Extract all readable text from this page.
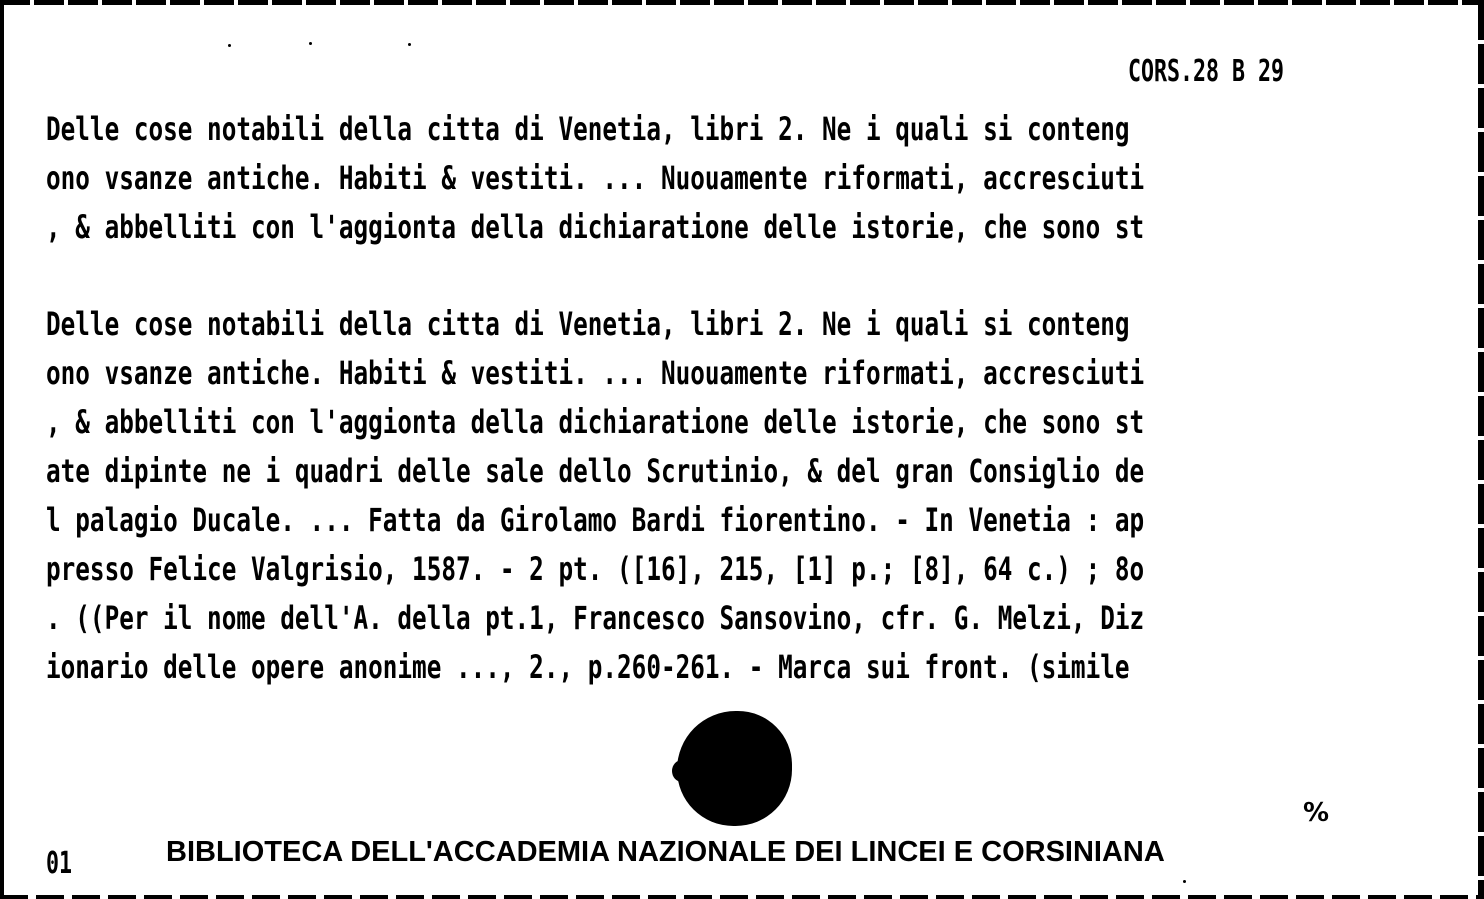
CORS.28 B 29
Delle cose notabili della citta di Venetia, libri 2. Ne i quali si conteng
ono vsanze antiche. Habiti & vestiti. ... Nuouamente riformati, accresciuti
, & abbelliti con l'aggionta della dichiaratione delle istorie, che sono st
Delle cose notabili della citta di Venetia, libri 2. Ne i quali si conteng
ono vsanze antiche. Habiti & vestiti. ... Nuouamente riformati, accresciuti
, & abbelliti con l'aggionta della dichiaratione delle istorie, che sono st
ate dipinte ne i quadri delle sale dello Scrutinio, & del gran Consiglio de
l palagio Ducale. ... Fatta da Girolamo Bardi fiorentino. - In Venetia : ap
presso Felice Valgrisio, 1587. - 2 pt. ([16], 215, [1] p.; [8], 64 c.) ; 8o
. ((Per il nome dell'A. della pt.1, Francesco Sansovino, cfr. G. Melzi, Diz
ionario delle opere anonime ..., 2., p.260-261. - Marca sui front. (simile
01	BIBLIOTECA DELL'ACCADEMIA NAZIONALE DEI LINCEI E CORSINIANA
%
